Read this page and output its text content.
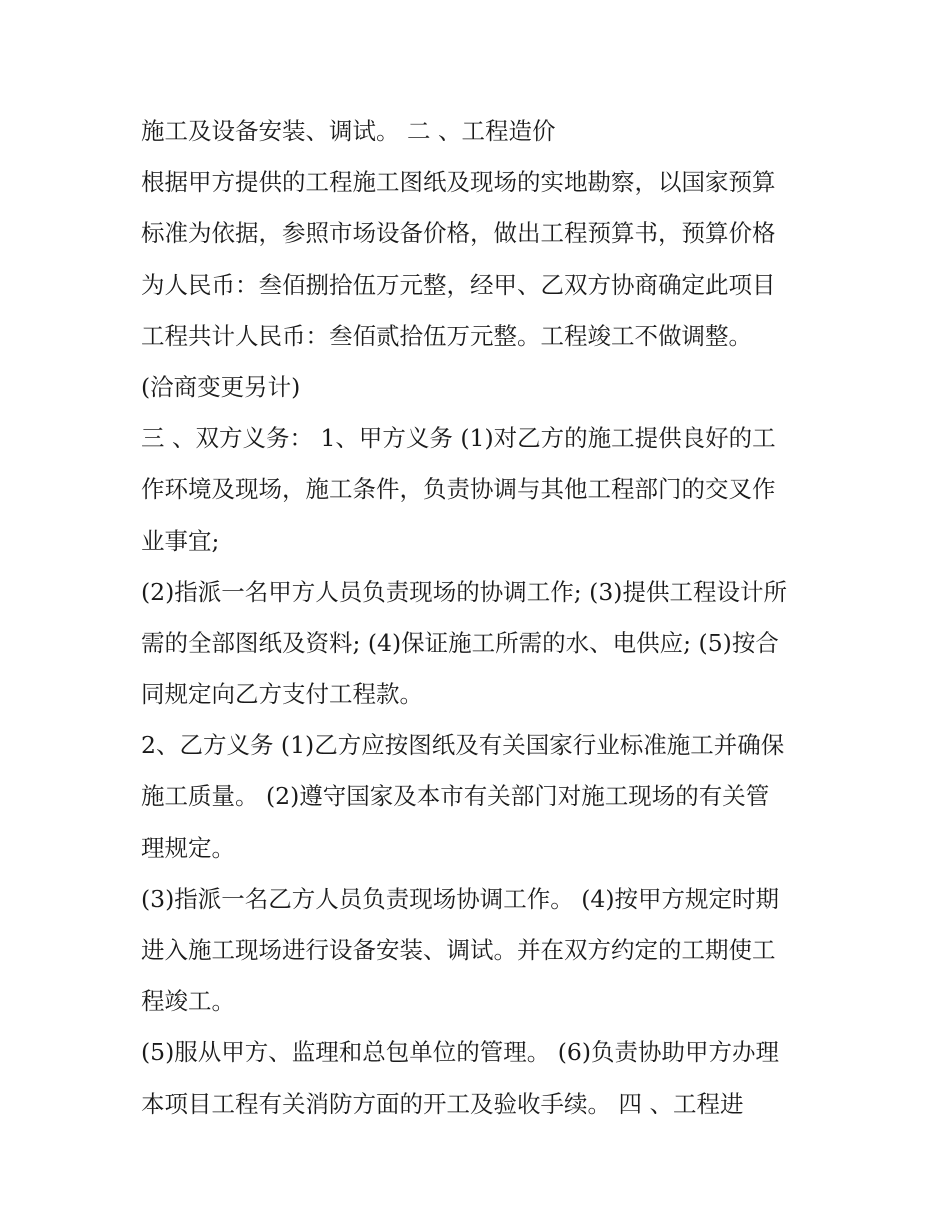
施工及设备安装、调试。 二 、工程造价
根据甲方提供的工程施工图纸及现场的实地勘察，以国家预算
标准为依据，参照市场设备价格，做出工程预算书，预算价格
为人民币：叁佰捌拾伍万元整，经甲、乙双方协商确定此项目
工程共计人民币：叁佰贰拾伍万元整。工程竣工不做调整。
(洽商变更另计)
三 、双方义务： 1、甲方义务 (1)对乙方的施工提供良好的工
作环境及现场，施工条件，负责协调与其他工程部门的交叉作
业事宜;
(2)指派一名甲方人员负责现场的协调工作; (3)提供工程设计所
需的全部图纸及资料; (4)保证施工所需的水、电供应; (5)按合
同规定向乙方支付工程款。
2、乙方义务 (1)乙方应按图纸及有关国家行业标准施工并确保
施工质量。 (2)遵守国家及本市有关部门对施工现场的有关管
理规定。
(3)指派一名乙方人员负责现场协调工作。 (4)按甲方规定时期
进入施工现场进行设备安装、调试。并在双方约定的工期使工
程竣工。
(5)服从甲方、监理和总包单位的管理。 (6)负责协助甲方办理
本项目工程有关消防方面的开工及验收手续。 四 、工程进
